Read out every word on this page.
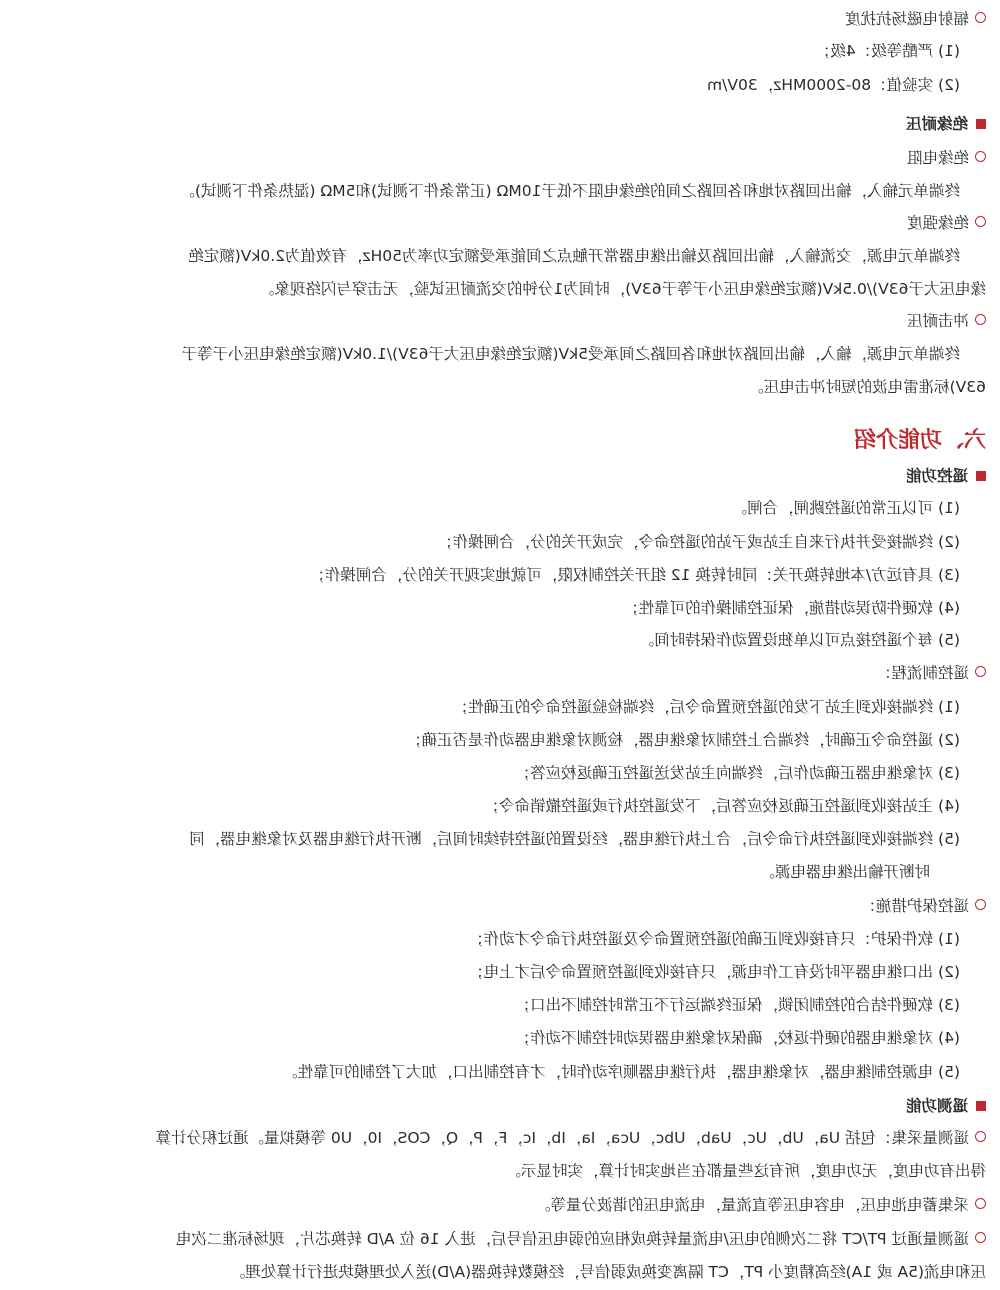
辐射电磁场抗扰度
(1) 严酷等级：4级；
(2) 实验值：80-2000MHz，30V/m
绝缘耐压
绝缘电阻
终端单元输入，输出回路对地和各回路之间的绝缘电阻不低于10MΩ (正常条件下测试)和5MΩ (湿热条件下测试)。
绝缘强度
终端单元电源，交流输入，输出回路及输出继电器常开触点之间能承受额定功率为50Hz，有效值为2.0kV(额定绝
缘电压大于63V)/0.5kV(额定绝缘电压小于等于63V)，时间为1分钟的交流耐压试验，无击穿与闪络现象。
冲击耐压
终端单元电源，输入，输出回路对地和各回路之间承受5kV(额定绝缘电压大于63V)/1.0kV(额定绝缘电压小于等于
63V)标准雷电波的短时冲击电压。
六、功能介绍
遥控功能
(1) 可以正常的遥控跳闸，合闸。
(2) 终端接受并执行来自主站或子站的遥控命令，完成开关的分，合闸操作；
(3) 具有远方/本地转换开关：同时转换 12 组开关控制权限，可就地实现开关的分，合闸操作；
(4) 软硬件防误动措施，保证控制操作的可靠性；
(5) 每个遥控接点可以单独设置动作保持时间。
遥控制流程：
(1) 终端接收到主站下发的遥控预置命令后，终端检验遥控命令的正确性；
(2) 遥控命令正确时，终端合上控制对象继电器，检测对象继电器动作是否正确；
(3) 对象继电器正确动作后，终端向主站发送遥控正确返校应答；
(4) 主站接收到遥控正确返校应答后，下发遥控执行或遥控撤销命令；
(5) 终端接收到遥控执行命令后，合上执行继电器，经设置的遥控持续时间后，断开执行继电器及对象继电器，同
时断开输出继电器电源。
遥控保护措施：
(1) 软件保护：只有接收到正确的遥控预置命令及遥控执行命令才动作；
(2) 出口继电器平时没有工作电源，只有接收到遥控预置命令后才上电；
(3) 软硬件结合的控制闭锁，保证终端运行不正常时控制不出口；
(4) 对象继电器的硬件返校，确保对象继电器误动时控制不动作；
(5) 电源控制继电器，对象继电器，执行继电器顺序动作时，才有控制出口，加大了控制的可靠性。
遥测功能
遥测量采集：包括 Ua，Ub，Uc，Uab，Ubc，Uca，Ia，Ib，Ic，F，P，Q，COS，I0，U0 等模拟量。通过积分计算
得出有功电度，无功电度，所有这些量都在当地实时计算，实时显示。
采集蓄电池电压，电容电压等直流量，电流电压的谐波分量等。
遥测量通过 PT/CT 将二次侧的电压/电流量转换成相应的弱电压信号后，进入 16 位 A/D 转换芯片，现场标准二次电
压和电流(5A 或 1A)经高精度小 PT，CT 隔离变换成弱信号，经模数转换器(A/D)送入处理模块进行计算处理。
